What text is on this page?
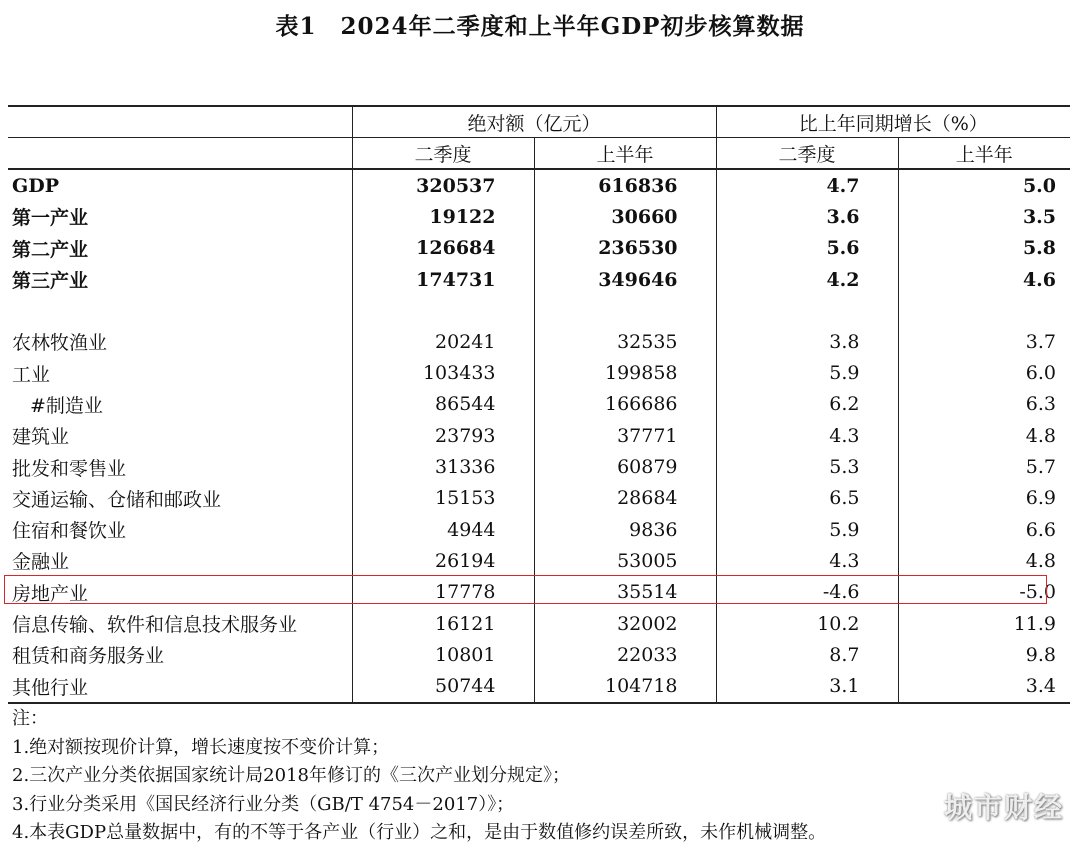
表1　2024年二季度和上半年GDP初步核算数据
	绝对额（亿元）		比上年同期增长（%）	
	二季度	上半年	二季度	上半年
GDP	320537	616836	4.7	5.0
第一产业	19122	30660	3.6	3.5
第二产业	126684	236530	5.6	5.8
第三产业	174731	349646	4.2	4.6

农林牧渔业	20241	32535	3.8	3.7
工业	103433	199858	5.9	6.0
#制造业	86544	166686	6.2	6.3
建筑业	23793	37771	4.3	4.8
批发和零售业	31336	60879	5.3	5.7
交通运输、仓储和邮政业	15153	28684	6.5	6.9
住宿和餐饮业	4944	9836	5.9	6.6
金融业	26194	53005	4.3	4.8
房地产业	17778	35514	-4.6	-5.0
信息传输、软件和信息技术服务业	16121	32002	10.2	11.9
租赁和商务服务业	10801	22033	8.7	9.8
其他行业	50744	104718	3.1	3.4
注：
1.绝对额按现价计算，增长速度按不变价计算；
2.三次产业分类依据国家统计局2018年修订的《三次产业划分规定》；
3.行业分类采用《国民经济行业分类（GB/T 4754－2017）》；
4.本表GDP总量数据中，有的不等于各产业（行业）之和，是由于数值修约误差所致，未作机械调整。
城市财经
